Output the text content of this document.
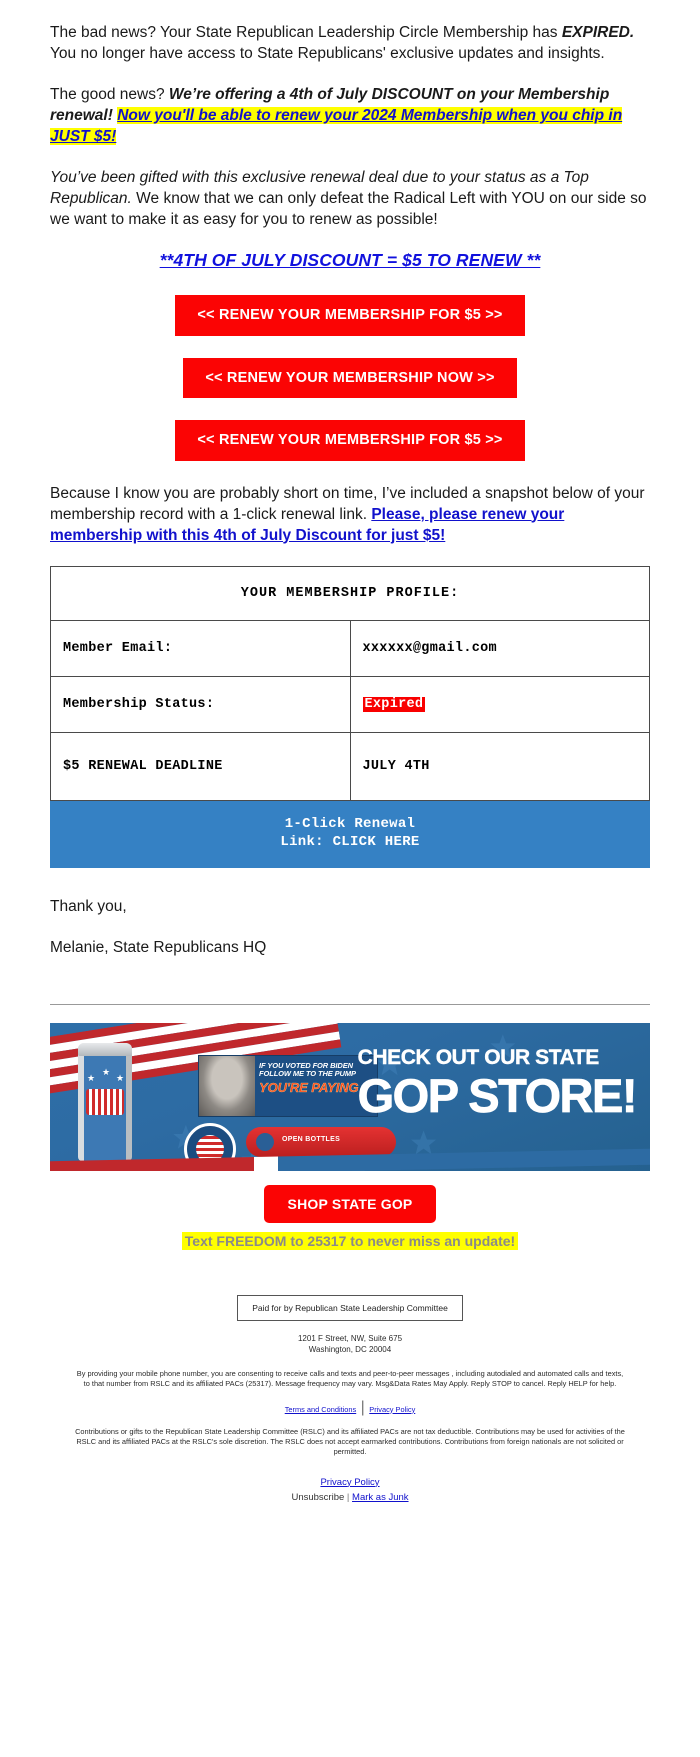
The bad news? Your State Republican Leadership Circle Membership has EXPIRED. You no longer have access to State Republicans' exclusive updates and insights.

The good news? We’re offering a 4th of July DISCOUNT on your Membership renewal! Now you'll be able to renew your 2024 Membership when you chip in JUST $5!

You’ve been gifted with this exclusive renewal deal due to your status as a Top Republican. We know that we can only defeat the Radical Left with YOU on our side so we want to make it as easy for you to renew as possible!

**4TH OF JULY DISCOUNT = $5 TO RENEW **
<< RENEW YOUR MEMBERSHIP FOR $5 >>
<< RENEW YOUR MEMBERSHIP NOW >>
<< RENEW YOUR MEMBERSHIP FOR $5 >>

Because I know you are probably short on time, I’ve included a snapshot below of your membership record with a 1-click renewal link. Please, please renew your membership with this 4th of July Discount for just $5!

YOUR MEMBERSHIP PROFILE:	
Member Email:	xxxxxx@gmail.com
Membership Status:	Expired
$5 RENEWAL DEADLINE	JULY 4TH

1-Click Renewal
Link: CLICK HERE	

Thank you,

Melanie, State Republicans HQ

★
★
★
IF YOU VOTED FOR BIDEN
FOLLOW ME TO THE PUMP
YOU'RE PAYING
OPEN BOTTLES
CHECK OUT OUR STATE
GOP STORE!
SHOP STATE GOP
Text FREEDOM to 25317 to never miss an update!
Paid for by Republican State Leadership Committee
1201 F Street, NW, Suite 675
Washington, DC 20004
By providing your mobile phone number, you are consenting to receive calls and texts and peer-to-peer messages , including autodialed and automated calls and texts, to that number from RSLC and its affiliated PACs (25317). Message frequency may vary. Msg&Data Rates May Apply. Reply STOP to cancel. Reply HELP for help.
Terms and Conditions | Privacy Policy
Contributions or gifts to the Republican State Leadership Committee (RSLC) and its affiliated PACs are not tax deductible. Contributions may be used for activities of the RSLC and its affiliated PACs at the RSLC's sole discretion. The RSLC does not accept earmarked contributions. Contributions from foreign nationals are not solicited or permitted.
Privacy Policy
Unsubscribe | Mark as Junk
